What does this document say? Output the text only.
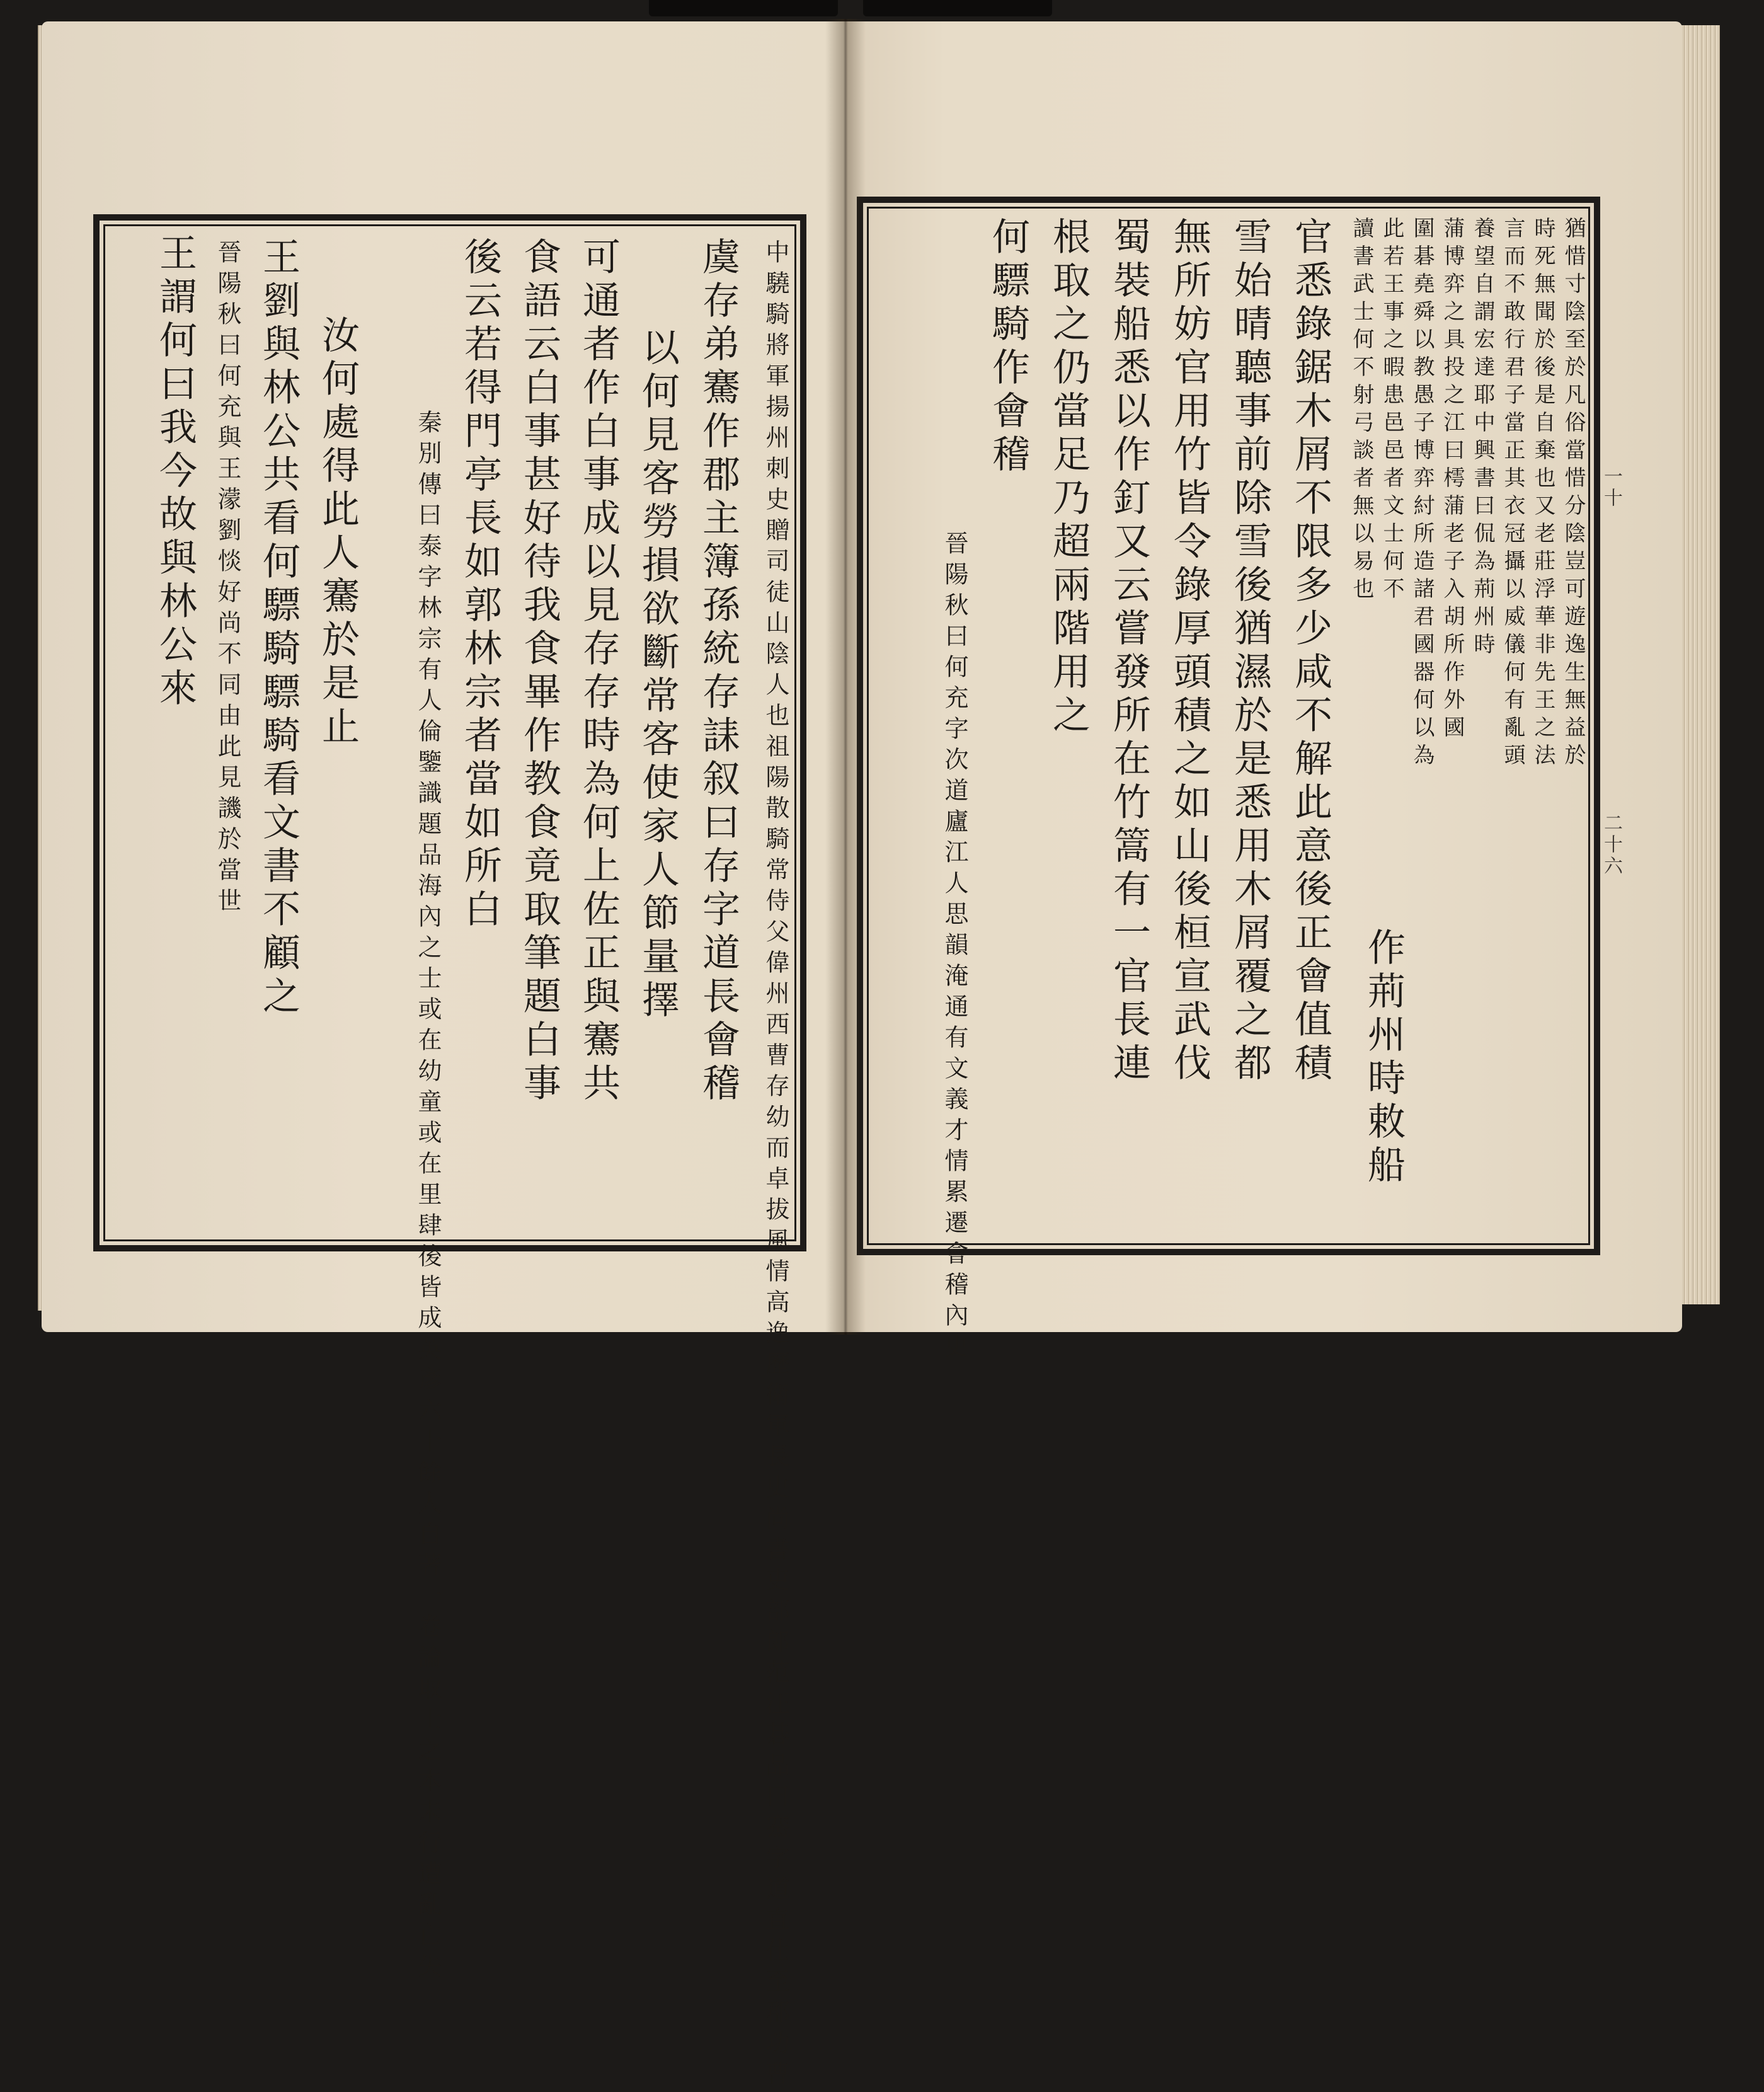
中驍騎將軍揚州刺史贈司徒山陰人也祖陽散騎常侍父偉州西曹存幼而卓拔風情高逸歷衛軍長史尚書吏部郎范汪碁品曰騫字道直仕至郡功曹
虞存弟騫作郡主簿孫統存誄叙曰存字道長會稽
以何見客勞損欲斷常客使家人節量擇
可通者作白事成以見存存時為何上佐正與騫共
食語云白事甚好待我食畢作教食竟取筆題白事
後云若得門亭長如郭林宗者當如所白
秦別傳曰泰字林宗有人倫鑒識題品海內之士或在幼童或在里肆後皆成英彥六十餘人自著一卷論取士之本未行遭亂亡失
汝何處得此人騫於是止
王劉與林公共看何驃騎驃騎看文書不顧之
晉陽秋曰何充與王濛劉惔好尚不同由此見譏於當世
王謂何曰我今故與林公來	猶惜寸陰至於凡俗當惜分陰豈可遊逸生無益於
時死無聞於後是自棄也又老莊浮華非先王之法
言而不敢行君子當正其衣冠攝以威儀何有亂頭
養望自謂宏達耶中興書曰侃為荊州時
蒲博弈之具投之江曰樗蒲老子入胡所作外國
圍碁堯舜以教愚子博弈紂所造諸君國器何以為
此若王事之暇患邑邑者文士何不
讀書武士何不射弓談者無以易也
作荊州時敕船
官悉錄鋸木屑不限多少咸不解此意後正會值積
雪始晴聽事前除雪後猶濕於是悉用木屑覆之都
無所妨官用竹皆令錄厚頭積之如山後桓宣武伐
蜀裝船悉以作釘又云嘗發所在竹篙有一官長連
根取之仍當足乃超兩階用之
何驃騎作會稽
晉陽秋曰何充字次道廬江人思韻淹通有文義才情累遷會稽內史
一十
二十六
